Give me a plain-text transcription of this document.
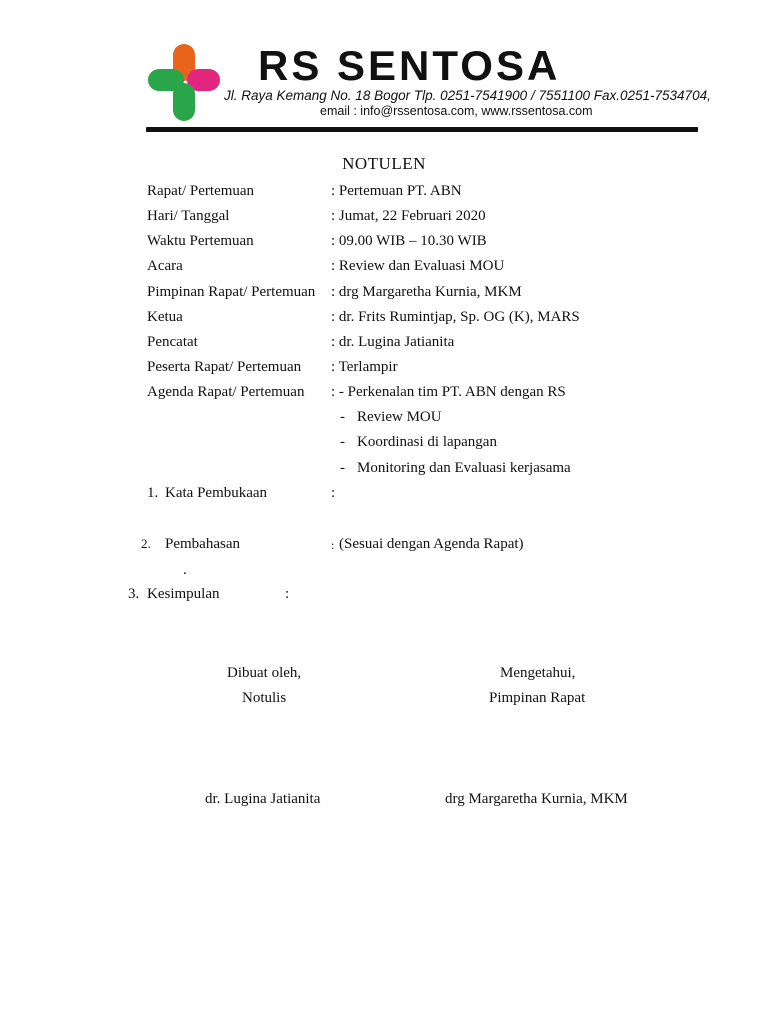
RS SENTOSA
Jl. Raya Kemang No. 18 Bogor Tlp. 0251-7541900 / 7551100 Fax.0251-7534704,
email : info@rssentosa.com, www.rssentosa.com
NOTULEN
Rapat/ Pertemuan	: Pertemuan PT. ABN
Hari/ Tanggal	: Jumat, 22 Februari 2020
Waktu Pertemuan	: 09.00 WIB – 10.30 WIB
Acara	: Review dan Evaluasi MOU
Pimpinan Rapat/ Pertemuan : drg Margaretha Kurnia, MKM
Ketua	: dr. Frits Rumintjap, Sp. OG (K), MARS
Pencatat	: dr. Lugina Jatianita
Peserta Rapat/ Pertemuan : Terlampir
Agenda Rapat/ Pertemuan : - Perkenalan tim PT. ABN dengan RS
- Review MOU
- Koordinasi di lapangan
- Monitoring dan Evaluasi kerjasama
1. Kata Pembukaan	:
2. Pembahasan	: (Sesuai dengan Agenda Rapat)
.
3. Kesimpulan	:
Dibuat oleh,
Notulis
dr. Lugina Jatianita
Mengetahui,
Pimpinan Rapat
drg Margaretha Kurnia, MKM
